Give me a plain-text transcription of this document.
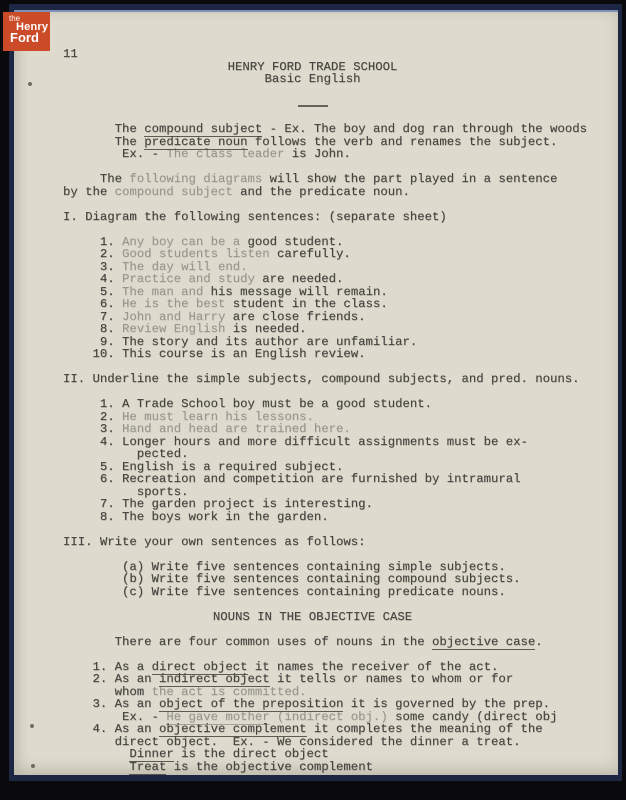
11
HENRY FORD TRADE SCHOOL
Basic English

The compound subject - Ex. The boy and dog ran through the woods
The predicate noun follows the verb and renames the subject.
Ex. - The class leader is John.

The following diagrams will show the part played in a sentence
by the compound subject and the predicate noun.

I. Diagram the following sentences: (separate sheet)

1. Any boy can be a good student.
2. Good students listen carefully.
3. The day will end.
4. Practice and study are needed.
5. The man and his message will remain.
6. He is the best student in the class.
7. John and Harry are close friends.
8. Review English is needed.
9. The story and its author are unfamiliar.
10. This course is an English review.

II. Underline the simple subjects, compound subjects, and pred. nouns.

1. A Trade School boy must be a good student.
2. He must learn his lessons.
3. Hand and head are trained here.
4. Longer hours and more difficult assignments must be ex-
pected.
5. English is a required subject.
6. Recreation and competition are furnished by intramural
sports.
7. The garden project is interesting.
8. The boys work in the garden.

III. Write your own sentences as follows:

(a) Write five sentences containing simple subjects.
(b) Write five sentences containing compound subjects.
(c) Write five sentences containing predicate nouns.

NOUNS IN THE OBJECTIVE CASE

There are four common uses of nouns in the objective case.

1. As a direct object it names the receiver of the act.
2. As an indirect object it tells or names to whom or for
whom the act is committed.
3. As an object of the preposition it is governed by the prep.
Ex. - He gave mother (indirect obj.) some candy (direct obj
4. As an objective complement it completes the meaning of the
direct object.  Ex. - We considered the dinner a treat.
Dinner is the direct object
Treat is the objective complement
the
Henry
Ford
